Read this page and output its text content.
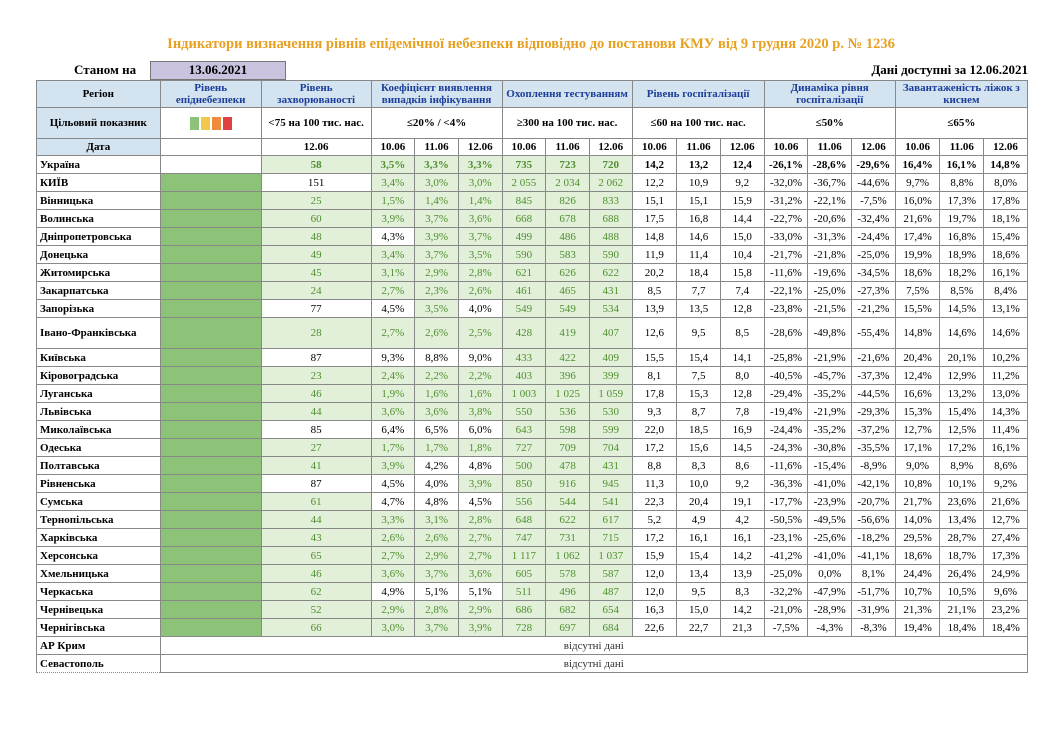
Індикатори визначення рівнів епідемічної небезпеки відповідно до постанови КМУ від 9 грудня 2020 р. № 1236
Станом на	13.06.2021	Дані доступні за 12.06.2021
Регіон	Рівень епіднебезпеки	Рівень захворюваності	Коефіцієнт виявлення випадків інфікування			Охоплення тестуванням			Рівень госпіталізації			Динаміка рівня госпіталізації			Завантаженість ліжок з киснем		
Цільовий показник		<75 на 100 тис. нас.	≤20% / <4%			≥300 на 100 тис. нас.			≤60 на 100 тис. нас.			≤50%			≤65%		
Дата		12.06	10.06	11.06	12.06	10.06	11.06	12.06	10.06	11.06	12.06	10.06	11.06	12.06	10.06	11.06	12.06
Україна		58	3,5%	3,3%	3,3%	735	723	720	14,2	13,2	12,4	-26,1%	-28,6%	-29,6%	16,4%	16,1%	14,8%
КИЇВ		151	3,4%	3,0%	3,0%	2 055	2 034	2 062	12,2	10,9	9,2	-32,0%	-36,7%	-44,6%	9,7%	8,8%	8,0%
Вінницька		25	1,5%	1,4%	1,4%	845	826	833	15,1	15,1	15,9	-31,2%	-22,1%	-7,5%	16,0%	17,3%	17,8%
Волинська		60	3,9%	3,7%	3,6%	668	678	688	17,5	16,8	14,4	-22,7%	-20,6%	-32,4%	21,6%	19,7%	18,1%
Дніпропетровська		48	4,3%	3,9%	3,7%	499	486	488	14,8	14,6	15,0	-33,0%	-31,3%	-24,4%	17,4%	16,8%	15,4%
Донецька		49	3,4%	3,7%	3,5%	590	583	590	11,9	11,4	10,4	-21,7%	-21,8%	-25,0%	19,9%	18,9%	18,6%
Житомирська		45	3,1%	2,9%	2,8%	621	626	622	20,2	18,4	15,8	-11,6%	-19,6%	-34,5%	18,6%	18,2%	16,1%
Закарпатська		24	2,7%	2,3%	2,6%	461	465	431	8,5	7,7	7,4	-22,1%	-25,0%	-27,3%	7,5%	8,5%	8,4%
Запорізька		77	4,5%	3,5%	4,0%	549	549	534	13,9	13,5	12,8	-23,8%	-21,5%	-21,2%	15,5%	14,5%	13,1%
Івано-Франківська		28	2,7%	2,6%	2,5%	428	419	407	12,6	9,5	8,5	-28,6%	-49,8%	-55,4%	14,8%	14,6%	14,6%
Київська		87	9,3%	8,8%	9,0%	433	422	409	15,5	15,4	14,1	-25,8%	-21,9%	-21,6%	20,4%	20,1%	10,2%
Кіровоградська		23	2,4%	2,2%	2,2%	403	396	399	8,1	7,5	8,0	-40,5%	-45,7%	-37,3%	12,4%	12,9%	11,2%
Луганська		46	1,9%	1,6%	1,6%	1 003	1 025	1 059	17,8	15,3	12,8	-29,4%	-35,2%	-44,5%	16,6%	13,2%	13,0%
Львівська		44	3,6%	3,6%	3,8%	550	536	530	9,3	8,7	7,8	-19,4%	-21,9%	-29,3%	15,3%	15,4%	14,3%
Миколаївська		85	6,4%	6,5%	6,0%	643	598	599	22,0	18,5	16,9	-24,4%	-35,2%	-37,2%	12,7%	12,5%	11,4%
Одеська		27	1,7%	1,7%	1,8%	727	709	704	17,2	15,6	14,5	-24,3%	-30,8%	-35,5%	17,1%	17,2%	16,1%
Полтавська		41	3,9%	4,2%	4,8%	500	478	431	8,8	8,3	8,6	-11,6%	-15,4%	-8,9%	9,0%	8,9%	8,6%
Рівненська		87	4,5%	4,0%	3,9%	850	916	945	11,3	10,0	9,2	-36,3%	-41,0%	-42,1%	10,8%	10,1%	9,2%
Сумська		61	4,7%	4,8%	4,5%	556	544	541	22,3	20,4	19,1	-17,7%	-23,9%	-20,7%	21,7%	23,6%	21,6%
Тернопільська		44	3,3%	3,1%	2,8%	648	622	617	5,2	4,9	4,2	-50,5%	-49,5%	-56,6%	14,0%	13,4%	12,7%
Харківська		43	2,6%	2,6%	2,7%	747	731	715	17,2	16,1	16,1	-23,1%	-25,6%	-18,2%	29,5%	28,7%	27,4%
Херсонська		65	2,7%	2,9%	2,7%	1 117	1 062	1 037	15,9	15,4	14,2	-41,2%	-41,0%	-41,1%	18,6%	18,7%	17,3%
Хмельницька		46	3,6%	3,7%	3,6%	605	578	587	12,0	13,4	13,9	-25,0%	0,0%	8,1%	24,4%	26,4%	24,9%
Черкаська		62	4,9%	5,1%	5,1%	511	496	487	12,0	9,5	8,3	-32,2%	-47,9%	-51,7%	10,7%	10,5%	9,6%
Чернівецька		52	2,9%	2,8%	2,9%	686	682	654	16,3	15,0	14,2	-21,0%	-28,9%	-31,9%	21,3%	21,1%	23,2%
Чернігівська		66	3,0%	3,7%	3,9%	728	697	684	22,6	22,7	21,3	-7,5%	-4,3%	-8,3%	19,4%	18,4%	18,4%
АР Крим	відсутні дані																
Севастополь	відсутні дані																
